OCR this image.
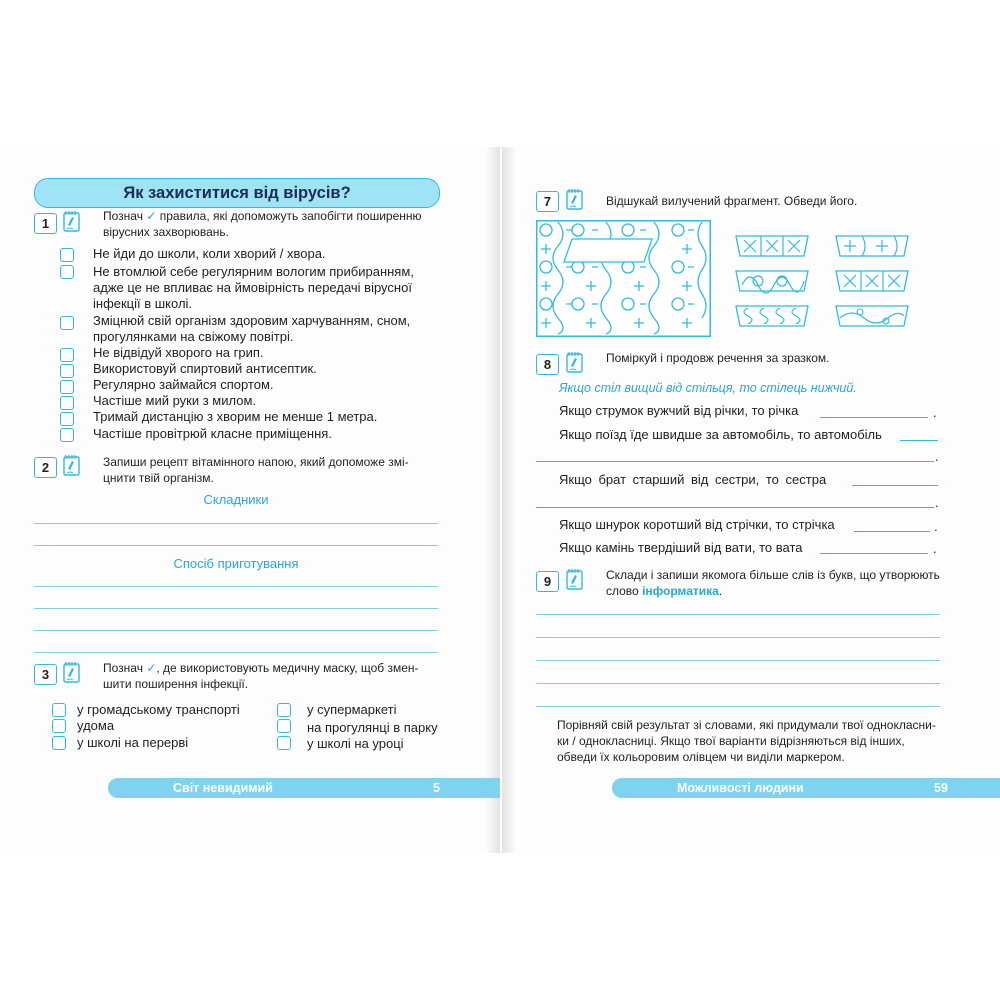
Як захиститися від вірусів?
1	Познач ✓ правила, які допоможуть запобігти поширенню
вірусних захворювань.
Не йди до школи, коли хворий / хвора.
Не втомлюй себе регулярним вологим прибиранням,
адже це не впливає на ймовірність передачі вірусної
інфекції в школі.
Зміцнюй свій організм здоровим харчуванням, сном,
прогулянками на свіжому повітрі.
Не відвідуй хворого на грип.
Використовуй спиртовий антисептик.
Регулярно займайся спортом.
Частіше мий руки з милом.
Тримай дистанцію з хворим не менше 1 метра.
Частіше провітрюй класне приміщення.
2	Запиши рецепт вітамінного напою, який допоможе змі-
цнити твій організм.
Складники
Спосіб приготування
3	Познач ✓, де використовують медичну маску, щоб змен-
шити поширення інфекції.
у громадському транспорті
удома
у школі на перерві
у супермаркеті
на прогулянці в парку
у школі на уроці
Світ невидимий	5
7	Відшукай вилучений фрагмент. Обведи його.
8	Поміркуй і продовж речення за зразком.
Якщо стіл вищий від стільця, то стілець нижчий.
Якщо струмок вужчий від річки, то річка	.
Якщо поїзд їде швидше за автомобіль, то автомобіль
.
Якщо брат старший від сестри, то сестра
.
Якщо шнурок коротший від стрічки, то стрічка	.
Якщо камінь твердіший від вати, то вата	.
9	Склади і запиши якомога більше слів із букв, що утворюють
слово інформатика.
Порівняй свій результат зі словами, які придумали твої однокласни-
ки / однокласниці. Якщо твої варіанти відрізняються від інших,
обведи їх кольоровим олівцем чи виділи маркером.
Можливості людини	59
